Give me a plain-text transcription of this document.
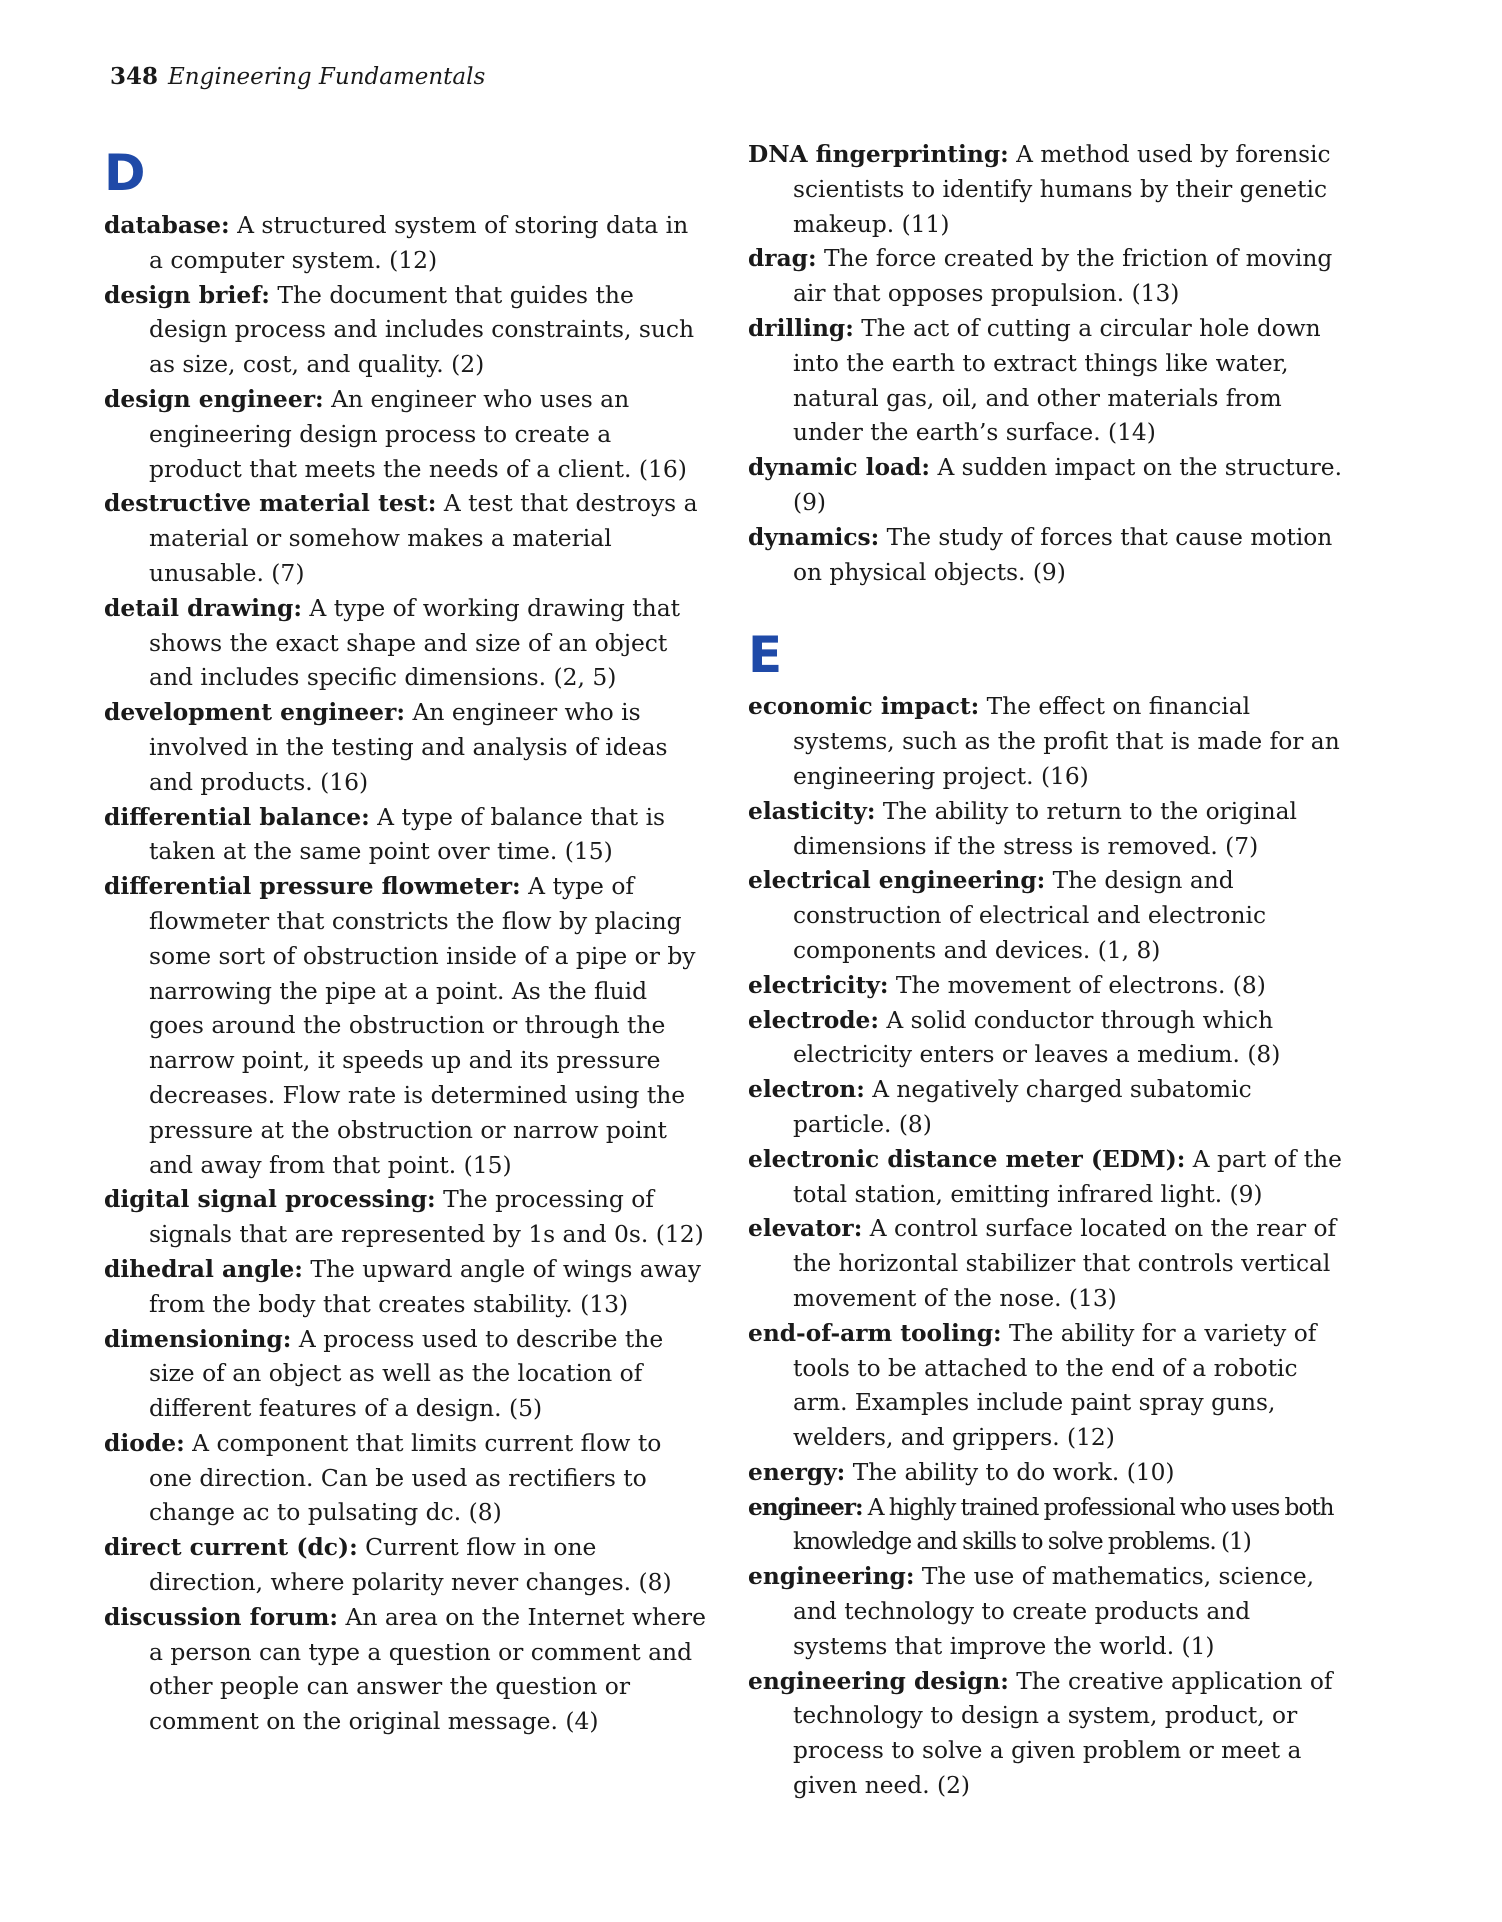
348 Engineering Fundamentals
D
database: A structured system of storing data in a computer system. (12)
design brief: The document that guides the design process and includes constraints, such as size, cost, and quality. (2)
design engineer: An engineer who uses an engineering design process to create a product that meets the needs of a client. (16)
destructive material test: A test that destroys a material or somehow makes a material unusable. (7)
detail drawing: A type of working drawing that shows the exact shape and size of an object and includes specific dimensions. (2, 5)
development engineer: An engineer who is involved in the testing and analysis of ideas and products. (16)
differential balance: A type of balance that is taken at the same point over time. (15)
differential pressure flowmeter: A type of flowmeter that constricts the flow by placing some sort of obstruction inside of a pipe or by narrowing the pipe at a point. As the fluid goes around the obstruction or through the narrow point, it speeds up and its pressure decreases. Flow rate is determined using the pressure at the obstruction or narrow point and away from that point. (15)
digital signal processing: The processing of signals that are represented by 1s and 0s. (12)
dihedral angle: The upward angle of wings away from the body that creates stability. (13)
dimensioning: A process used to describe the size of an object as well as the location of different features of a design. (5)
diode: A component that limits current flow to one direction. Can be used as rectifiers to change ac to pulsating dc. (8)
direct current (dc): Current flow in one direction, where polarity never changes. (8)
discussion forum: An area on the Internet where a person can type a question or comment and other people can answer the question or comment on the original message. (4)
DNA fingerprinting: A method used by forensic scientists to identify humans by their genetic makeup. (11)
drag: The force created by the friction of moving air that opposes propulsion. (13)
drilling: The act of cutting a circular hole down into the earth to extract things like water, natural gas, oil, and other materials from under the earth’s surface. (14)
dynamic load: A sudden impact on the structure. (9)
dynamics: The study of forces that cause motion on physical objects. (9)
E
economic impact: The effect on financial systems, such as the profit that is made for an engineering project. (16)
elasticity: The ability to return to the original dimensions if the stress is removed. (7)
electrical engineering: The design and construction of electrical and electronic components and devices. (1, 8)
electricity: The movement of electrons. (8)
electrode: A solid conductor through which electricity enters or leaves a medium. (8)
electron: A negatively charged subatomic particle. (8)
electronic distance meter (EDM): A part of the total station, emitting infrared light. (9)
elevator: A control surface located on the rear of the horizontal stabilizer that controls vertical movement of the nose. (13)
end-of-arm tooling: The ability for a variety of tools to be attached to the end of a robotic arm. Examples include paint spray guns, welders, and grippers. (12)
energy: The ability to do work. (10)
engineer: A highly trained professional who uses both knowledge and skills to solve problems. (1)
engineering: The use of mathematics, science, and technology to create products and systems that improve the world. (1)
engineering design: The creative application of technology to design a system, product, or process to solve a given problem or meet a given need. (2)
